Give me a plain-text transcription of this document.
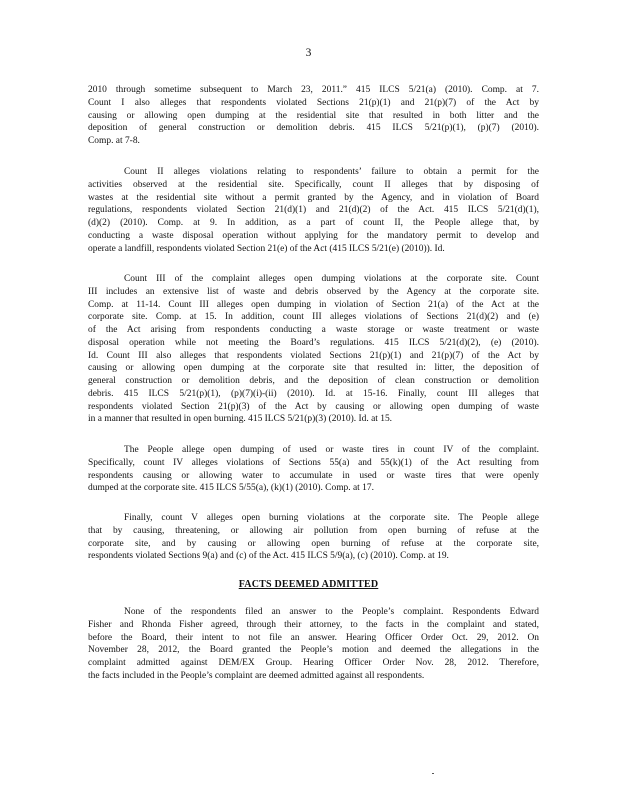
3
2010 through sometime subsequent to March 23, 2011.” 415 ILCS 5/21(a) (2010). Comp. at 7.
Count I also alleges that respondents violated Sections 21(p)(1) and 21(p)(7) of the Act by
causing or allowing open dumping at the residential site that resulted in both litter and the
deposition of general construction or demolition debris. 415 ILCS 5/21(p)(1), (p)(7) (2010).
Comp. at 7-8.
Count II alleges violations relating to respondents’ failure to obtain a permit for the
activities observed at the residential site. Specifically, count II alleges that by disposing of
wastes at the residential site without a permit granted by the Agency, and in violation of Board
regulations, respondents violated Section 21(d)(1) and 21(d)(2) of the Act. 415 ILCS 5/21(d)(1),
(d)(2) (2010). Comp. at 9. In addition, as a part of count II, the People allege that, by
conducting a waste disposal operation without applying for the mandatory permit to develop and
operate a landfill, respondents violated Section 21(e) of the Act (415 ILCS 5/21(e) (2010)). Id.
Count III of the complaint alleges open dumping violations at the corporate site. Count
III includes an extensive list of waste and debris observed by the Agency at the corporate site.
Comp. at 11-14. Count III alleges open dumping in violation of Section 21(a) of the Act at the
corporate site. Comp. at 15. In addition, count III alleges violations of Sections 21(d)(2) and (e)
of the Act arising from respondents conducting a waste storage or waste treatment or waste
disposal operation while not meeting the Board’s regulations. 415 ILCS 5/21(d)(2), (e) (2010).
Id. Count III also alleges that respondents violated Sections 21(p)(1) and 21(p)(7) of the Act by
causing or allowing open dumping at the corporate site that resulted in: litter, the deposition of
general construction or demolition debris, and the deposition of clean construction or demolition
debris. 415 ILCS 5/21(p)(1), (p)(7)(i)-(ii) (2010). Id. at 15-16. Finally, count III alleges that
respondents violated Section 21(p)(3) of the Act by causing or allowing open dumping of waste
in a manner that resulted in open burning. 415 ILCS 5/21(p)(3) (2010). Id. at 15.
The People allege open dumping of used or waste tires in count IV of the complaint.
Specifically, count IV alleges violations of Sections 55(a) and 55(k)(1) of the Act resulting from
respondents causing or allowing water to accumulate in used or waste tires that were openly
dumped at the corporate site. 415 ILCS 5/55(a), (k)(1) (2010). Comp. at 17.
Finally, count V alleges open burning violations at the corporate site. The People allege
that by causing, threatening, or allowing air pollution from open burning of refuse at the
corporate site, and by causing or allowing open burning of refuse at the corporate site,
respondents violated Sections 9(a) and (c) of the Act. 415 ILCS 5/9(a), (c) (2010). Comp. at 19.
FACTS DEEMED ADMITTED
None of the respondents filed an answer to the People’s complaint. Respondents Edward
Fisher and Rhonda Fisher agreed, through their attorney, to the facts in the complaint and stated,
before the Board, their intent to not file an answer. Hearing Officer Order Oct. 29, 2012. On
November 28, 2012, the Board granted the People’s motion and deemed the allegations in the
complaint admitted against DEM/EX Group. Hearing Officer Order Nov. 28, 2012. Therefore,
the facts included in the People’s complaint are deemed admitted against all respondents.
